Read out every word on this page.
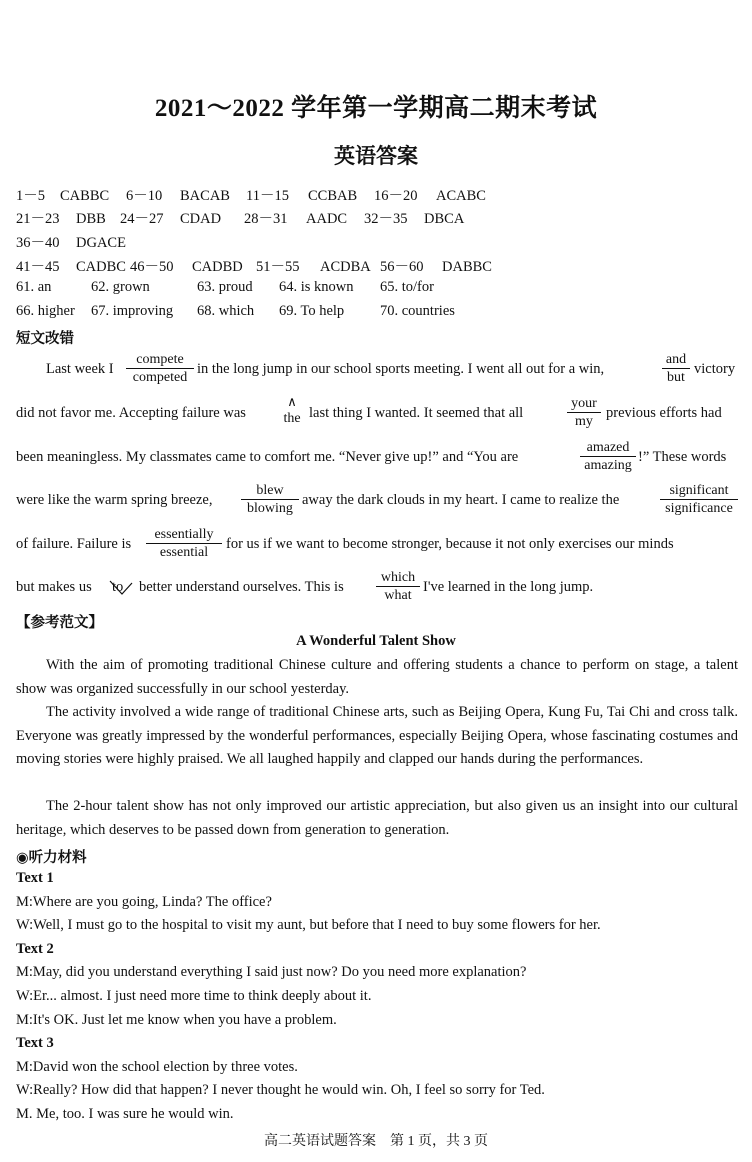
2021～2022 学年第一学期高二期末考试
英语答案
1－5 CABBC 6－10 BACAB 11－15 CCBAB 16－20 ACABC
21－23 DBB 24－27 CDAD 28－31 AADC 32－35 DBCA
36－40 DGACE
41－45 CADBC 46－50 CADBD 51－55 ACDBA 56－60 DABBC
61. an	62. grown	63. proud 64. is known 65. to/for
66. higher 67. improving 68. which 69. To help 70. countries
短文改错
Last week I
compete
competed
in the long jump in our school sports meeting. I went all out for a win,
and
but
victory
did not favor me. Accepting failure was
∧
the last thing I wanted. It seemed that all
your
my
previous efforts had
been meaningless. My classmates came to comfort me. “Never give up!” and “You are
amazed
amazing
!” These words
were like the warm spring breeze,
blew
blowing
away the dark clouds in my heart. I came to realize the
significant
significance
of failure. Failure is
essentially
essential
for us if we want to become stronger, because it not only exercises our minds
but makes us to better understand ourselves. This is
which
what
I've learned in the long jump.
【参考范文】
A Wonderful Talent Show
With the aim of promoting traditional Chinese culture and offering students a chance to perform on stage, a talent show was organized successfully in our school yesterday.
The activity involved a wide range of traditional Chinese arts, such as Beijing Opera, Kung Fu, Tai Chi and cross talk. Everyone was greatly impressed by the wonderful performances, especially Beijing Opera, whose fascinating costumes and moving stories were highly praised. We all laughed happily and clapped our hands during the performances.
The 2-hour talent show has not only improved our artistic appreciation, but also given us an insight into our cultural heritage, which deserves to be passed down from generation to generation.
◉听力材料
Text 1
M:Where are you going, Linda? The office?
W:Well, I must go to the hospital to visit my aunt, but before that I need to buy some flowers for her.
Text 2
M:May, did you understand everything I said just now? Do you need more explanation?
W:Er... almost. I just need more time to think deeply about it.
M:It's OK. Just let me know when you have a problem.
Text 3
M:David won the school election by three votes.
W:Really? How did that happen? I never thought he would win. Oh, I feel so sorry for Ted.
M. Me, too. I was sure he would win.
高二英语试题答案　第 1 页，共 3 页
